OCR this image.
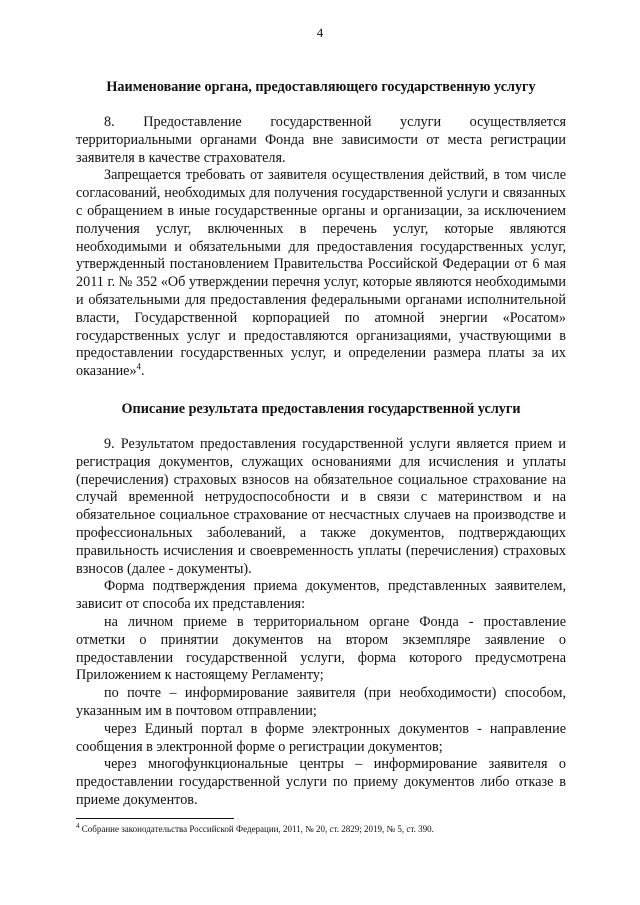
4
Наименование органа, предоставляющего государственную услугу

8. Предоставление государственной услуги осуществляется территориальными органами Фонда вне зависимости от места регистрации заявителя в качестве страхователя.

Запрещается требовать от заявителя осуществления действий, в том числе согласований, необходимых для получения государственной услуги и связанных с обращением в иные государственные органы и организации, за исключением получения услуг, включенных в перечень услуг, которые являются необходимыми и обязательными для предоставления государственных услуг, утвержденный постановлением Правительства Российской Федерации от 6 мая 2011 г. № 352 «Об утверждении перечня услуг, которые являются необходимыми и обязательными для предоставления федеральными органами исполнительной власти, Государственной корпорацией по атомной энергии «Росатом» государственных услуг и предоставляются организациями, участвующими в предоставлении государственных услуг, и определении размера платы за их оказание»$^4$.

Описание результата предоставления государственной услуги

9. Результатом предоставления государственной услуги является прием и регистрация документов, служащих основаниями для исчисления и уплаты (перечисления) страховых взносов на обязательное социальное страхование на случай временной нетрудоспособности и в связи с материнством и на обязательное социальное страхование от несчастных случаев на производстве и профессиональных заболеваний, а также документов, подтверждающих правильность исчисления и своевременность уплаты (перечисления) страховых взносов (далее - документы).

Форма подтверждения приема документов, представленных заявителем, зависит от способа их представления:

на личном приеме в территориальном органе Фонда - проставление отметки о принятии документов на втором экземпляре заявление о предоставлении государственной услуги, форма которого предусмотрена Приложением к настоящему Регламенту;

по почте – информирование заявителя (при необходимости) способом, указанным им в почтовом отправлении;

через Единый портал в форме электронных документов - направление сообщения в электронной форме о регистрации документов;

через многофункциональные центры – информирование заявителя о предоставлении государственной услуги по приему документов либо отказе в приеме документов.

$^4$ Собрание законодательства Российской Федерации, 2011, № 20, ст. 2829; 2019, № 5, ст. 390.
